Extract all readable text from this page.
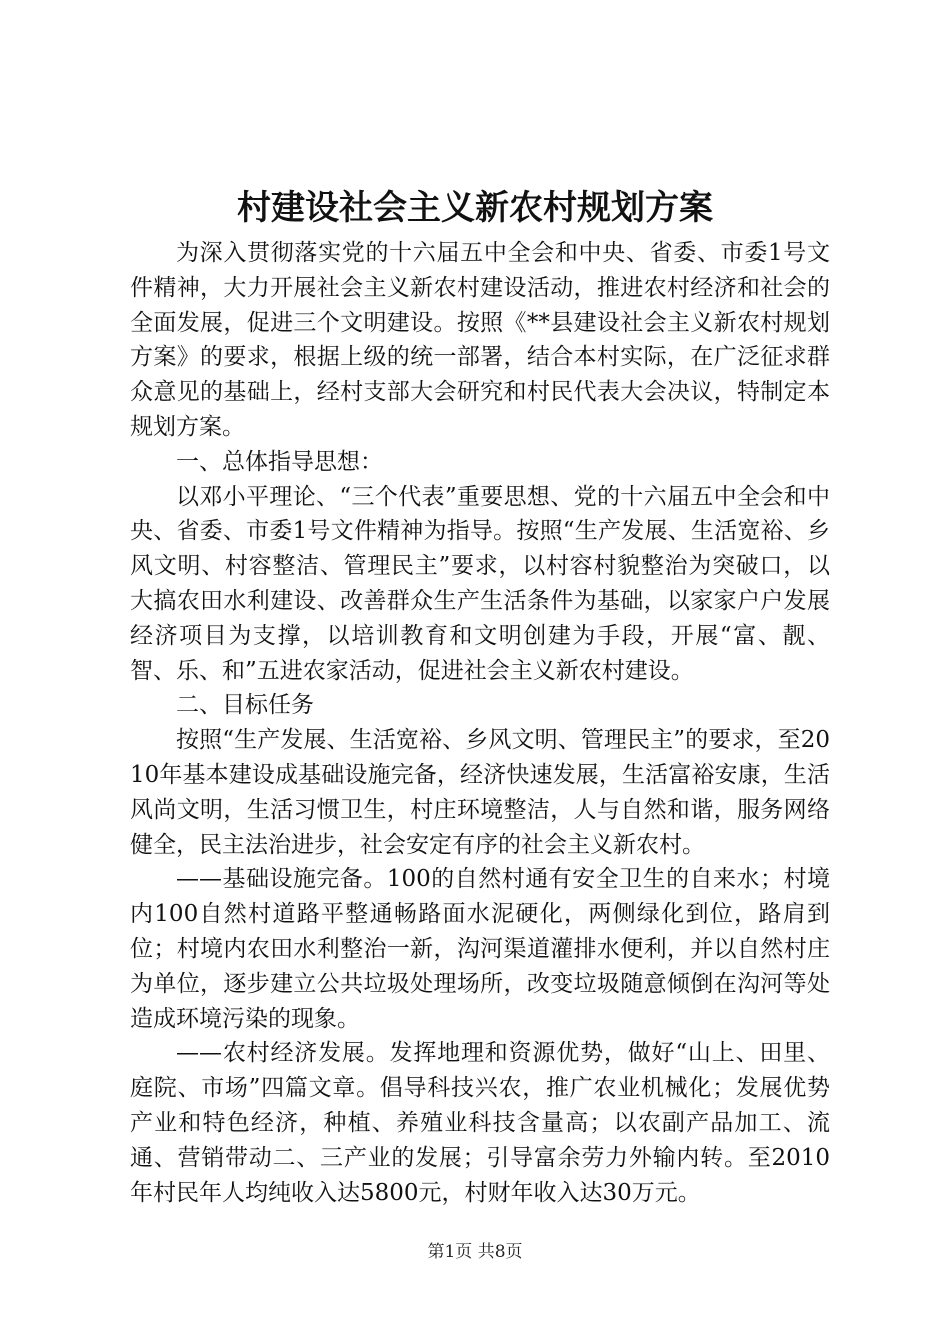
村建设社会主义新农村规划方案

为深入贯彻落实党的十六届五中全会和中央、省委、市委1号文件精神，大力开展社会主义新农村建设活动，推进农村经济和社会的全面发展，促进三个文明建设。按照《**县建设社会主义新农村规划方案》的要求，根据上级的统一部署，结合本村实际，在广泛征求群众意见的基础上，经村支部大会研究和村民代表大会决议，特制定本规划方案。

一、总体指导思想：

以邓小平理论、“三个代表”重要思想、党的十六届五中全会和中央、省委、市委1号文件精神为指导。按照“生产发展、生活宽裕、乡风文明、村容整洁、管理民主”要求，以村容村貌整治为突破口，以大搞农田水利建设、改善群众生产生活条件为基础，以家家户户发展经济项目为支撑，以培训教育和文明创建为手段，开展“富、靓、智、乐、和”五进农家活动，促进社会主义新农村建设。

二、目标任务

按照“生产发展、生活宽裕、乡风文明、管理民主”的要求，至2010年基本建设成基础设施完备，经济快速发展，生活富裕安康，生活风尚文明，生活习惯卫生，村庄环境整洁，人与自然和谐，服务网络健全，民主法治进步，社会安定有序的社会主义新农村。

——基础设施完备。100的自然村通有安全卫生的自来水；村境内100自然村道路平整通畅路面水泥硬化，两侧绿化到位，路肩到位；村境内农田水利整治一新，沟河渠道灌排水便利，并以自然村庄为单位，逐步建立公共垃圾处理场所，改变垃圾随意倾倒在沟河等处造成环境污染的现象。

——农村经济发展。发挥地理和资源优势，做好“山上、田里、庭院、市场”四篇文章。倡导科技兴农，推广农业机械化；发展优势产业和特色经济，种植、养殖业科技含量高；以农副产品加工、流通、营销带动二、三产业的发展；引导富余劳力外输内转。至2010年村民年人均纯收入达5800元，村财年收入达30万元。

第1页 共8页
